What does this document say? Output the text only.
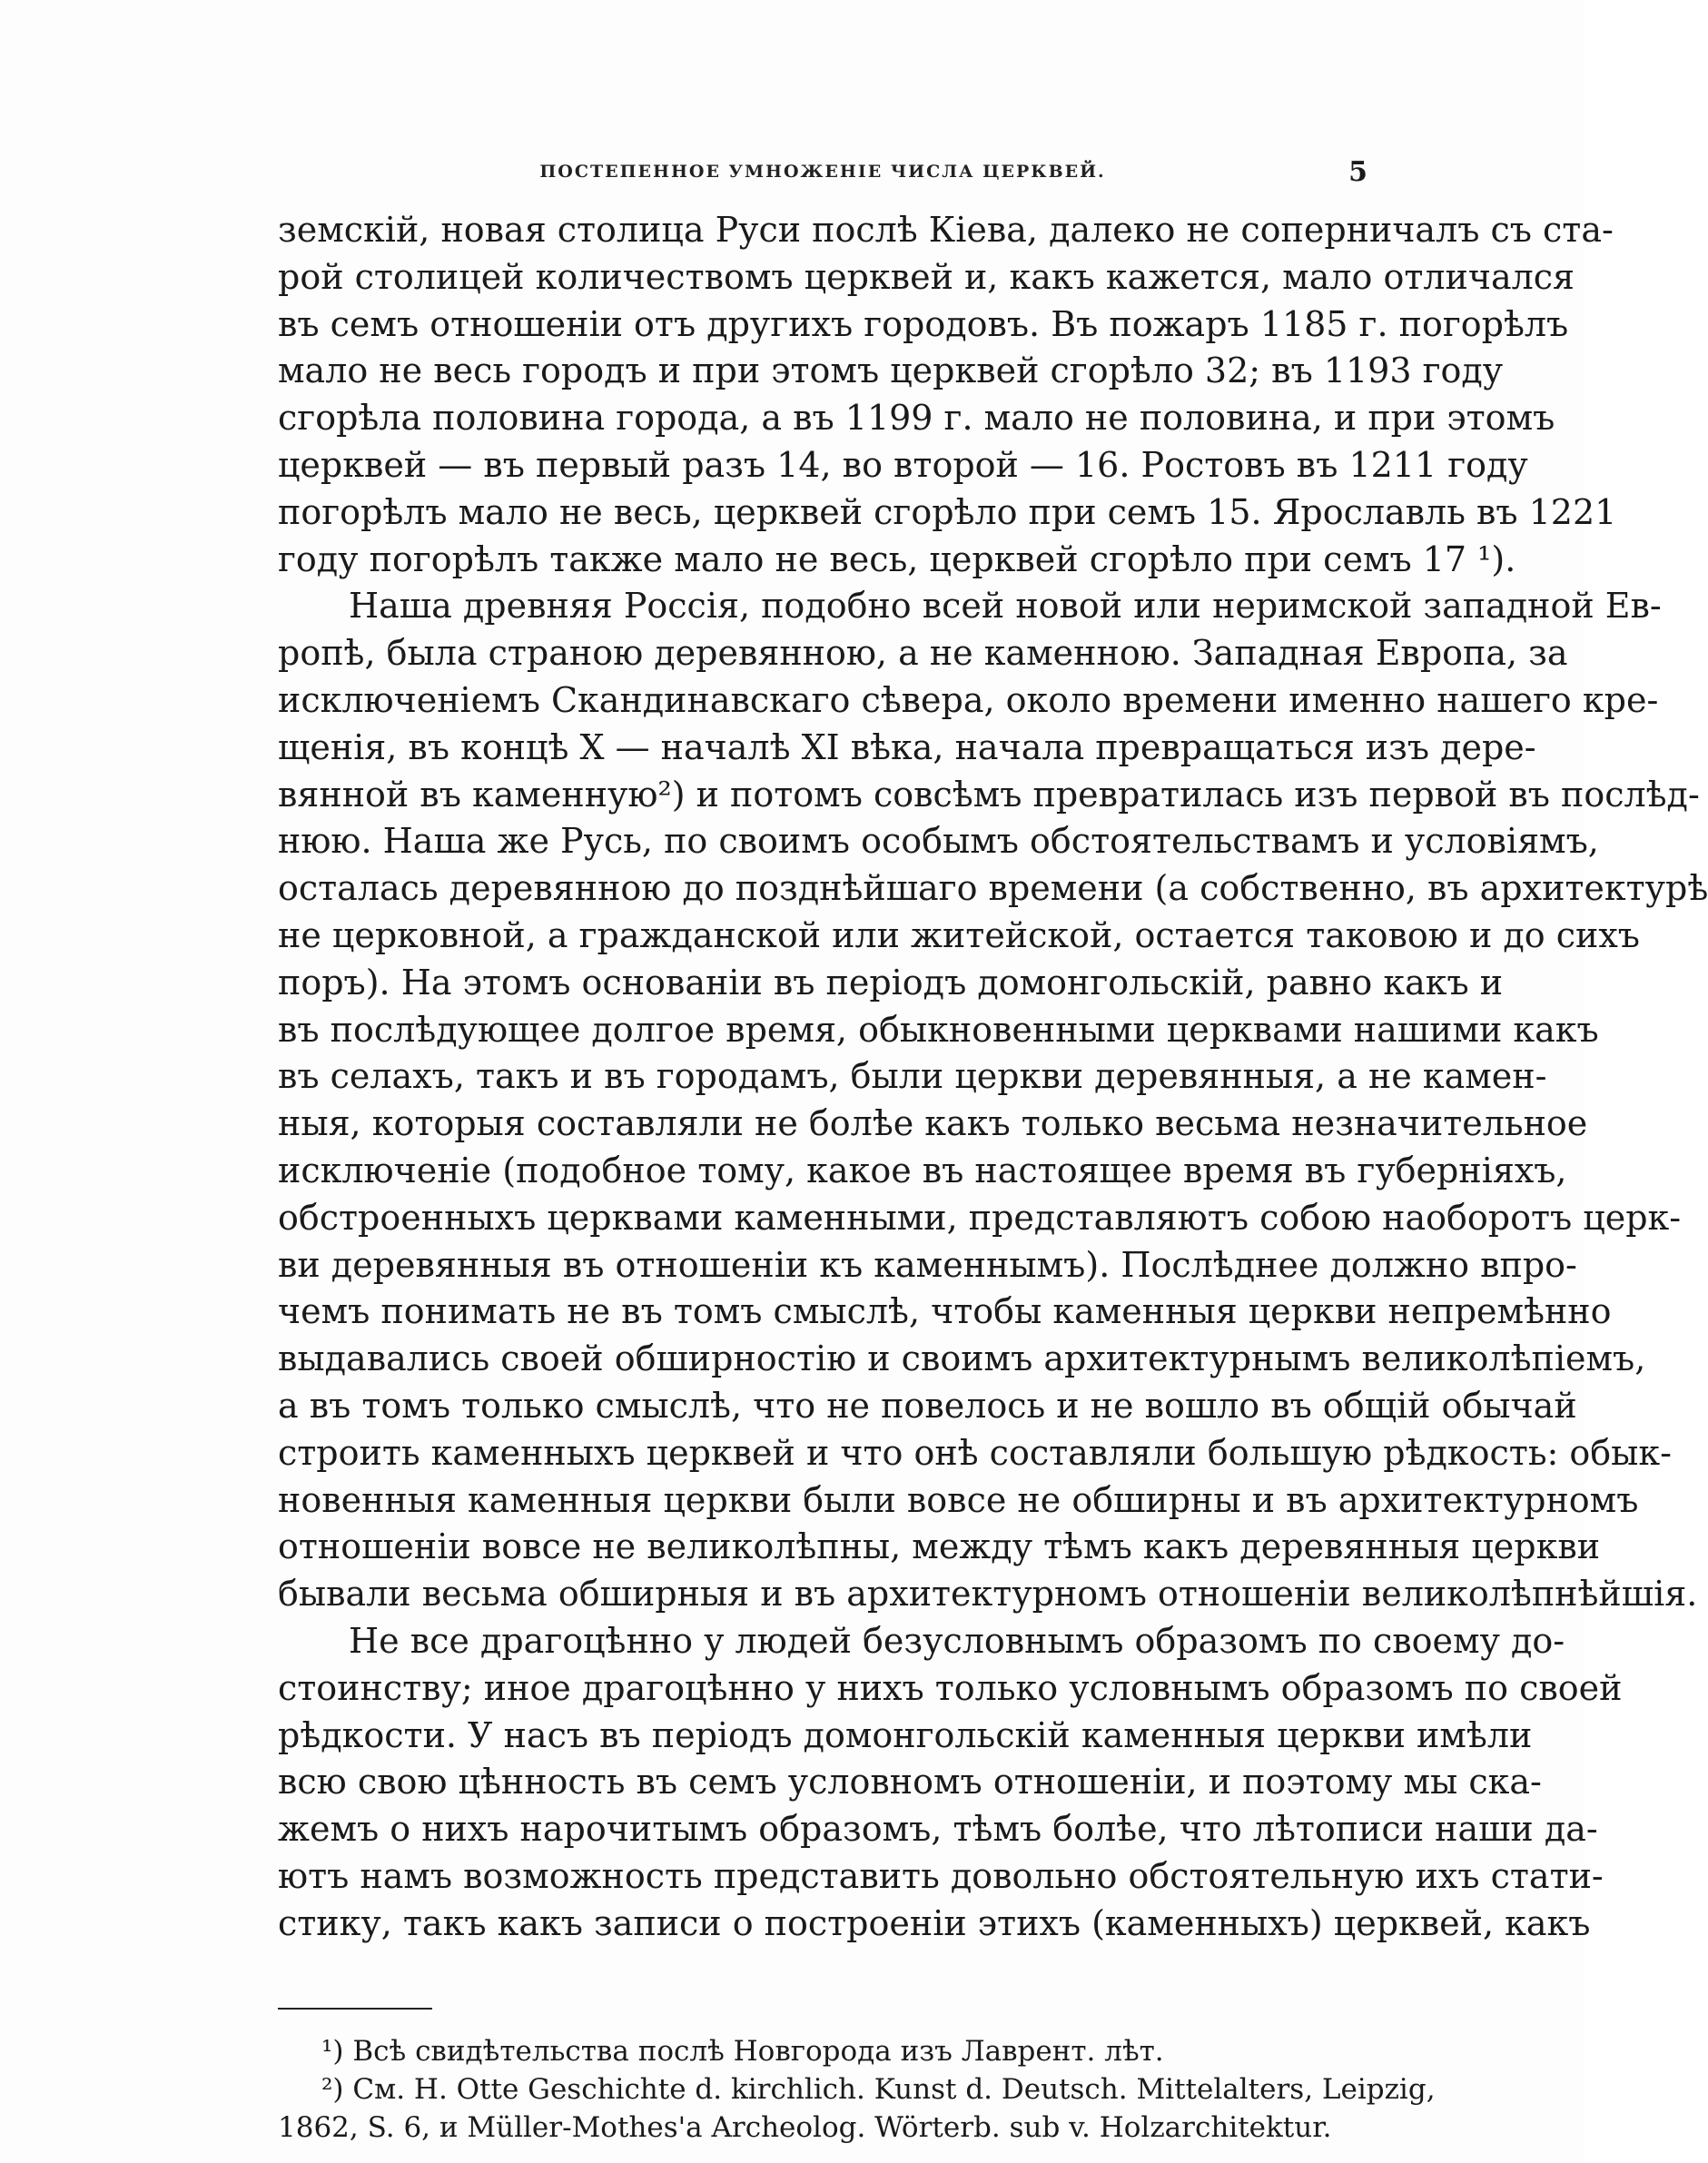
ПОСТЕПЕННОЕ УМНОЖЕНІЕ ЧИСЛА ЦЕРКВЕЙ.	5
земскій, новая столица Руси послѣ Кіева, далеко не соперничалъ съ ста-
рой столицей количествомъ церквей и, какъ кажется, мало отличался
въ семъ отношеніи отъ другихъ городовъ. Въ пожаръ 1185 г. погорѣлъ
мало не весь городъ и при этомъ церквей сгорѣло 32; въ 1193 году
сгорѣла половина города, а въ 1199 г. мало не половина, и при этомъ
церквей — въ первый разъ 14, во второй — 16. Ростовъ въ 1211 году
погорѣлъ мало не весь, церквей сгорѣло при семъ 15. Ярославль въ 1221
году погорѣлъ также мало не весь, церквей сгорѣло при семъ 17 ¹).
Наша древняя Россія, подобно всей новой или неримской западной Ев-
ропѣ, была страною деревянною, а не каменною. Западная Европа, за
исключеніемъ Скандинавскаго сѣвера, около времени именно нашего кре-
щенія, въ концѣ X — началѣ XI вѣка, начала превращаться изъ дере-
вянной въ каменную²) и потомъ совсѣмъ превратилась изъ первой въ послѣд-
нюю. Наша же Русь, по своимъ особымъ обстоятельствамъ и условіямъ,
осталась деревянною до позднѣйшаго времени (а собственно, въ архитектурѣ
не церковной, а гражданской или житейской, остается таковою и до сихъ
поръ). На этомъ основаніи въ періодъ домонгольскій, равно какъ и
въ послѣдующее долгое время, обыкновенными церквами нашими какъ
въ селахъ, такъ и въ городамъ, были церкви деревянныя, а не камен-
ныя, которыя составляли не болѣе какъ только весьма незначительное
исключеніе (подобное тому, какое въ настоящее время въ губерніяхъ,
обстроенныхъ церквами каменными, представляютъ собою наоборотъ церк-
ви деревянныя въ отношеніи къ каменнымъ). Послѣднее должно впро-
чемъ понимать не въ томъ смыслѣ, чтобы каменныя церкви непремѣнно
выдавались своей обширностію и своимъ архитектурнымъ великолѣпіемъ,
а въ томъ только смыслѣ, что не повелось и не вошло въ общій обычай
строить каменныхъ церквей и что онѣ составляли большую рѣдкость: обык-
новенныя каменныя церкви были вовсе не обширны и въ архитектурномъ
отношеніи вовсе не великолѣпны, между тѣмъ какъ деревянныя церкви
бывали весьма обширныя и въ архитектурномъ отношеніи великолѣпнѣйшія.
Не все драгоцѣнно у людей безусловнымъ образомъ по своему до-
стоинству; иное драгоцѣнно у нихъ только условнымъ образомъ по своей
рѣдкости. У насъ въ періодъ домонгольскій каменныя церкви имѣли
всю свою цѣнность въ семъ условномъ отношеніи, и поэтому мы ска-
жемъ о нихъ нарочитымъ образомъ, тѣмъ болѣе, что лѣтописи наши да-
ютъ намъ возможность представить довольно обстоятельную ихъ стати-
стику, такъ какъ записи о построеніи этихъ (каменныхъ) церквей, какъ
¹) Всѣ свидѣтельства послѣ Новгорода изъ Лаврент. лѣт.
²) См. H. Otte Geschichte d. kirchlich. Kunst d. Deutsch. Mittelalters, Leipzig,
1862, S. 6, и Müller-Mothes'a Archeolog. Wörterb. sub v. Holzarchitektur.
